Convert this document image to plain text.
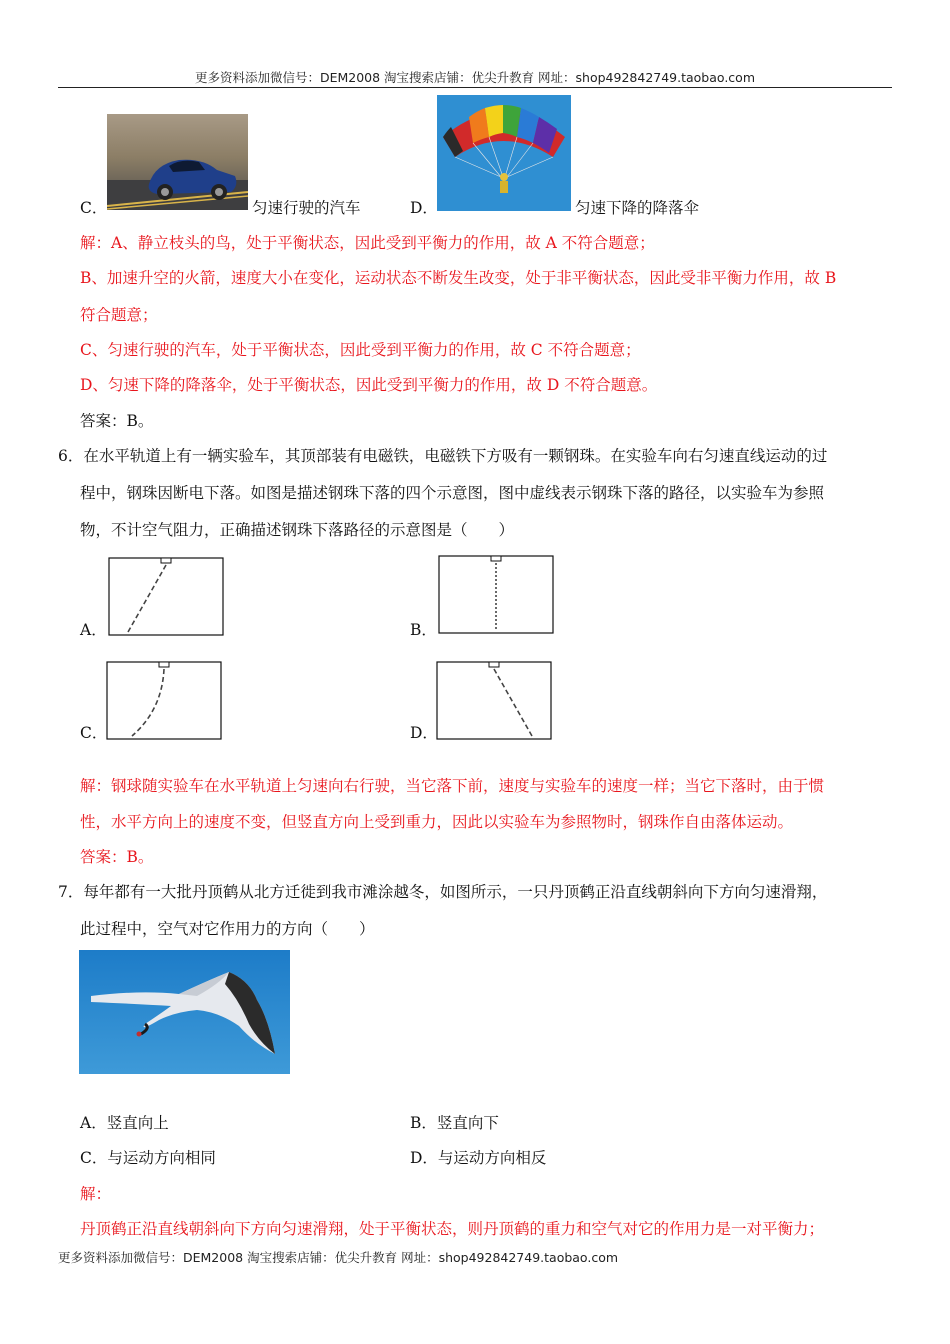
更多资料添加微信号：DEM2008 淘宝搜索店铺：优尖升教育 网址：shop492842749.taobao.com
C．	匀速行驶的汽车	D．	匀速下降的降落伞
解：A、静立枝头的鸟，处于平衡状态，因此受到平衡力的作用，故 A 不符合题意；
B、加速升空的火箭，速度大小在变化，运动状态不断发生改变，处于非平衡状态，因此受非平衡力作用，故 B
符合题意；
C、匀速行驶的汽车，处于平衡状态，因此受到平衡力的作用，故 C 不符合题意；
D、匀速下降的降落伞，处于平衡状态，因此受到平衡力的作用，故 D 不符合题意。
答案：B。
6．在水平轨道上有一辆实验车，其顶部装有电磁铁，电磁铁下方吸有一颗钢珠。在实验车向右匀速直线运动的过
程中，钢珠因断电下落。如图是描述钢珠下落的四个示意图，图中虚线表示钢珠下落的路径，以实验车为参照
物，不计空气阻力，正确描述钢珠下落路径的示意图是（　　）
A．	B．
C．	D．
解：钢球随实验车在水平轨道上匀速向右行驶，当它落下前，速度与实验车的速度一样；当它下落时，由于惯
性，水平方向上的速度不变，但竖直方向上受到重力，因此以实验车为参照物时，钢珠作自由落体运动。
答案：B。
7．每年都有一大批丹顶鹤从北方迁徙到我市滩涂越冬，如图所示，一只丹顶鹤正沿直线朝斜向下方向匀速滑翔，
此过程中，空气对它作用力的方向（　　）
A．竖直向上	B．竖直向下
C．与运动方向相同	D．与运动方向相反
解：
丹顶鹤正沿直线朝斜向下方向匀速滑翔，处于平衡状态，则丹顶鹤的重力和空气对它的作用力是一对平衡力；
更多资料添加微信号：DEM2008 淘宝搜索店铺：优尖升教育 网址：shop492842749.taobao.com
